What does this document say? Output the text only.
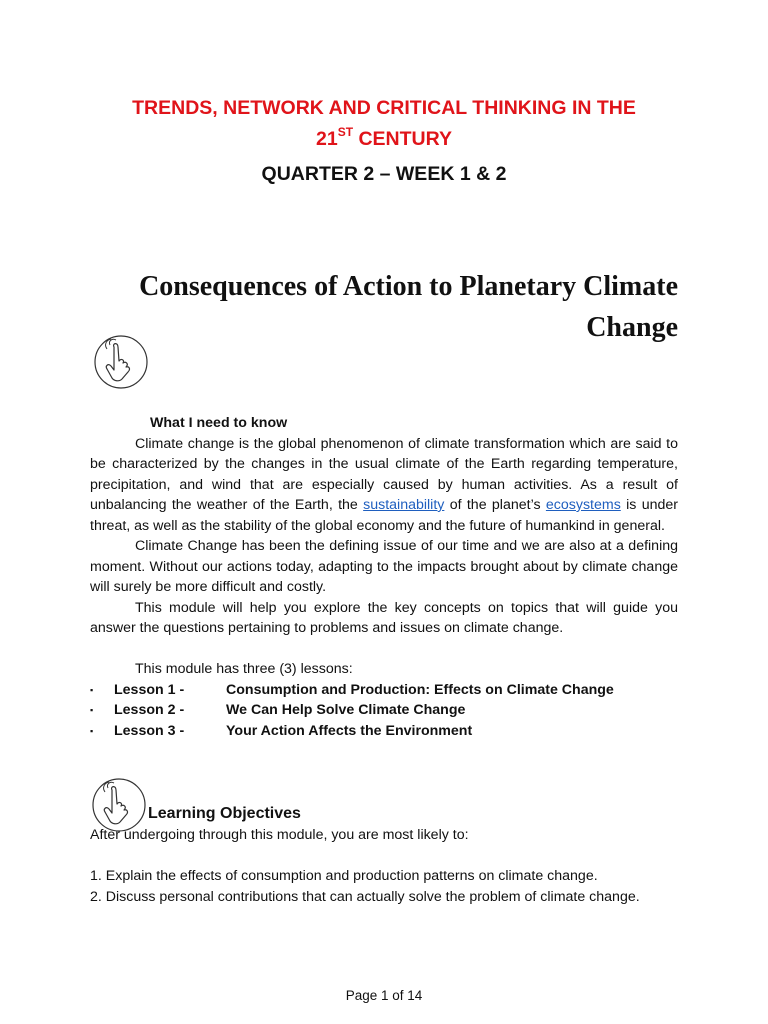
TRENDS, NETWORK AND CRITICAL THINKING IN THE

21ST CENTURY

QUARTER 2 – WEEK 1 & 2
Consequences of Action to Planetary Climate Change

What I need to know

Climate change is the global phenomenon of climate transformation which are said to be characterized by the changes in the usual climate of the Earth regarding temperature, precipitation, and wind that are especially caused by human activities. As a result of unbalancing the weather of the Earth, the sustainability of the planet’s ecosystems is under threat, as well as the stability of the global economy and the future of humankind in general.

Climate Change has been the defining issue of our time and we are also at a defining moment. Without our actions today, adapting to the impacts brought about by climate change will surely be more difficult and costly.

This module will help you explore the key concepts on topics that will guide you answer the questions pertaining to problems and issues on climate change.

This module has three (3) lessons:

▪	Lesson 1 -	Consumption and Production: Effects on Climate Change
▪	Lesson 2 -	We Can Help Solve Climate Change
▪	Lesson 3 -	Your Action Affects the Environment
Learning Objectives

After undergoing through this module, you are most likely to:

1. Explain the effects of consumption and production patterns on climate change.

2. Discuss personal contributions that can actually solve the problem of climate change.

Page 1 of 14
